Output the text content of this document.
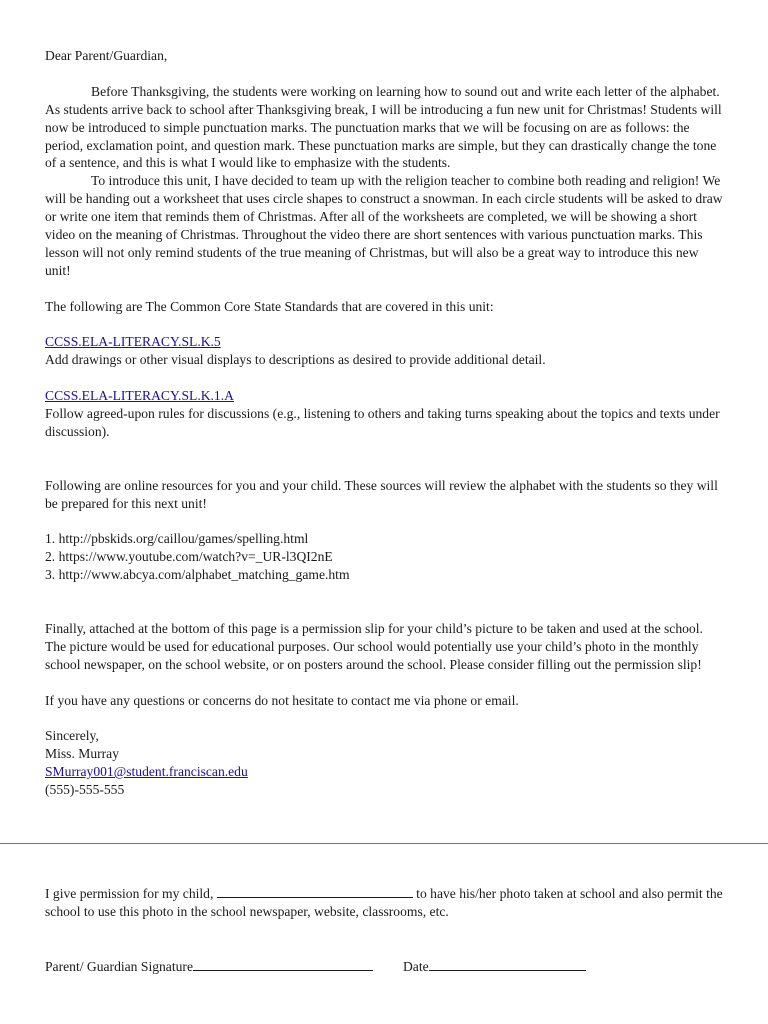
Dear Parent/Guardian,

Before Thanksgiving, the students were working on learning how to sound out and write each letter of the alphabet. As students arrive back to school after Thanksgiving break, I will be introducing a fun new unit for Christmas! Students will now be introduced to simple punctuation marks. The punctuation marks that we will be focusing on are as follows: the period, exclamation point, and question mark. These punctuation marks are simple, but they can drastically change the tone of a sentence, and this is what I would like to emphasize with the students.

To introduce this unit, I have decided to team up with the religion teacher to combine both reading and religion! We will be handing out a worksheet that uses circle shapes to construct a snowman. In each circle students will be asked to draw or write one item that reminds them of Christmas. After all of the worksheets are completed, we will be showing a short video on the meaning of Christmas. Throughout the video there are short sentences with various punctuation marks. This lesson will not only remind students of the true meaning of Christmas, but will also be a great way to introduce this new unit!

The following are The Common Core State Standards that are covered in this unit:

CCSS.ELA-LITERACY.SL.K.5

Add drawings or other visual displays to descriptions as desired to provide additional detail.

CCSS.ELA-LITERACY.SL.K.1.A

Follow agreed-upon rules for discussions (e.g., listening to others and taking turns speaking about the topics and texts under discussion).

Following are online resources for you and your child. These sources will review the alphabet with the students so they will be prepared for this next unit!

1. http://pbskids.org/caillou/games/spelling.html

2. https://www.youtube.com/watch?v=_UR-l3QI2nE

3. http://www.abcya.com/alphabet_matching_game.htm

Finally, attached at the bottom of this page is a permission slip for your child’s picture to be taken and used at the school. The picture would be used for educational purposes. Our school would potentially use your child’s photo in the monthly school newspaper, on the school website, or on posters around the school. Please consider filling out the permission slip!

If you have any questions or concerns do not hesitate to contact me via phone or email.

Sincerely,

Miss. Murray

SMurray001@student.franciscan.edu

(555)-555-555

I give permission for my child,	to have his/her photo taken at school and also permit the school to use this photo in the school newspaper, website, classrooms, etc.

Parent/ Guardian Signature	Date
